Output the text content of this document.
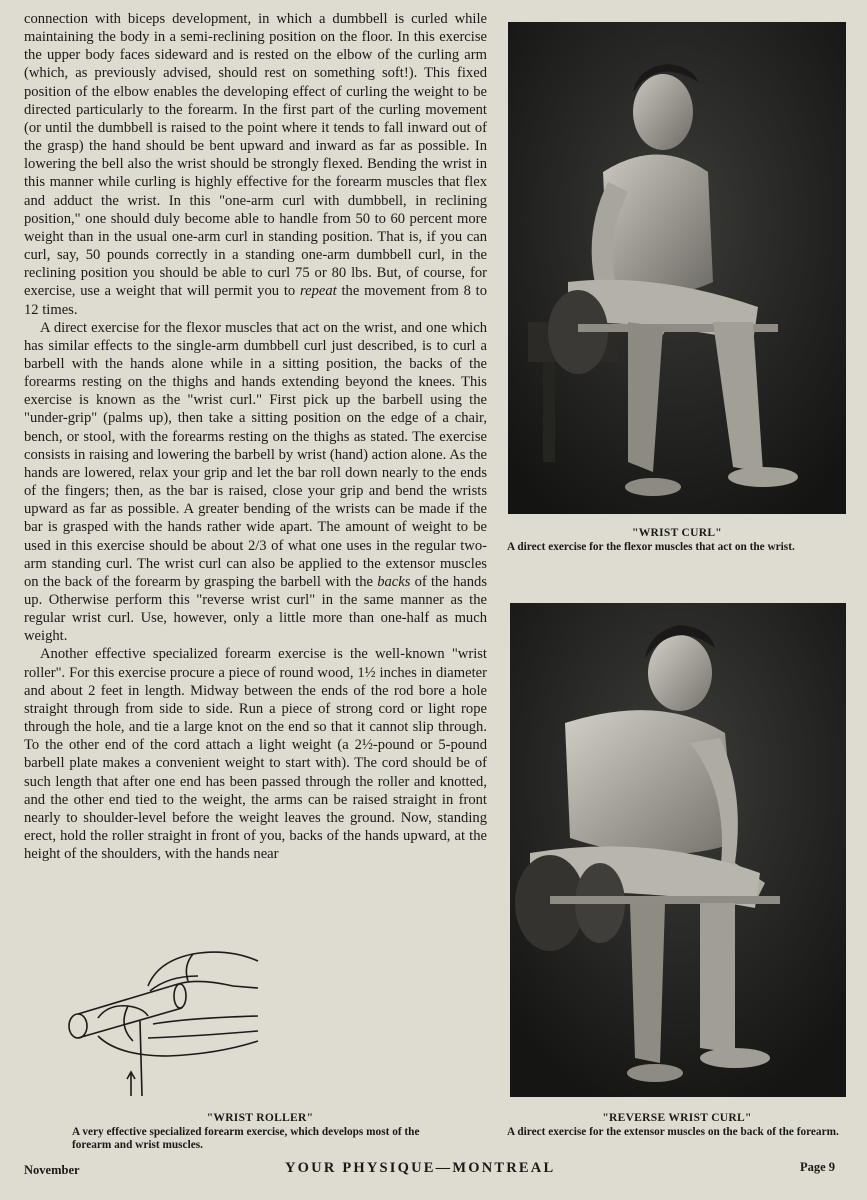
connection with biceps development, in which a dumbbell is curled while maintaining the body in a semi-reclining position on the floor. In this exercise the upper body faces sideward and is rested on the elbow of the curling arm (which, as previously advised, should rest on something soft!). This fixed position of the elbow enables the developing effect of curling the weight to be directed particularly to the forearm. In the first part of the curling movement (or until the dumbbell is raised to the point where it tends to fall inward out of the grasp) the hand should be bent upward and inward as far as possible. In lowering the bell also the wrist should be strongly flexed. Bending the wrist in this manner while curling is highly effective for the forearm muscles that flex and adduct the wrist. In this "one-arm curl with dumbbell, in reclining position," one should duly become able to handle from 50 to 60 percent more weight than in the usual one-arm curl in standing position. That is, if you can curl, say, 50 pounds correctly in a standing one-arm dumbbell curl, in the reclining position you should be able to curl 75 or 80 lbs. But, of course, for exercise, use a weight that will permit you to repeat the movement from 8 to 12 times.

A direct exercise for the flexor muscles that act on the wrist, and one which has similar effects to the single-arm dumbbell curl just described, is to curl a barbell with the hands alone while in a sitting position, the backs of the forearms resting on the thighs and hands extending beyond the knees. This exercise is known as the "wrist curl." First pick up the barbell using the "under-grip" (palms up), then take a sitting position on the edge of a chair, bench, or stool, with the forearms resting on the thighs as stated. The exercise consists in raising and lowering the barbell by wrist (hand) action alone. As the hands are lowered, relax your grip and let the bar roll down nearly to the ends of the fingers; then, as the bar is raised, close your grip and bend the wrists upward as far as possible. A greater bending of the wrists can be made if the bar is grasped with the hands rather wide apart. The amount of weight to be used in this exercise should be about 2/3 of what one uses in the regular two-arm standing curl. The wrist curl can also be applied to the extensor muscles on the back of the forearm by grasping the barbell with the backs of the hands up. Otherwise perform this "reverse wrist curl" in the same manner as the regular wrist curl. Use, however, only a little more than one-half as much weight.

Another effective specialized forearm exercise is the well-known "wrist roller". For this exercise procure a piece of round wood, 1½ inches in diameter and about 2 feet in length. Midway between the ends of the rod bore a hole straight through from side to side. Run a piece of strong cord or light rope through the hole, and tie a large knot on the end so that it cannot slip through. To the other end of the cord attach a light weight (a 2½-pound or 5-pound barbell plate makes a convenient weight to start with). The cord should be of such length that after one end has been passed through the roller and knotted, and the other end tied to the weight, the arms can be raised straight in front nearly to shoulder-level before the weight leaves the ground. Now, standing erect, hold the roller straight in front of you, backs of the hands upward, at the height of the shoulders, with the hands near

"WRIST CURL"
A direct exercise for the flexor muscles that act on the wrist.
"REVERSE WRIST CURL"
A direct exercise for the extensor muscles on the back of the forearm.
"WRIST ROLLER"
A very effective specialized forearm exercise, which develops most of the forearm and wrist muscles.
November	YOUR PHYSIQUE—MONTREAL	Page 9
